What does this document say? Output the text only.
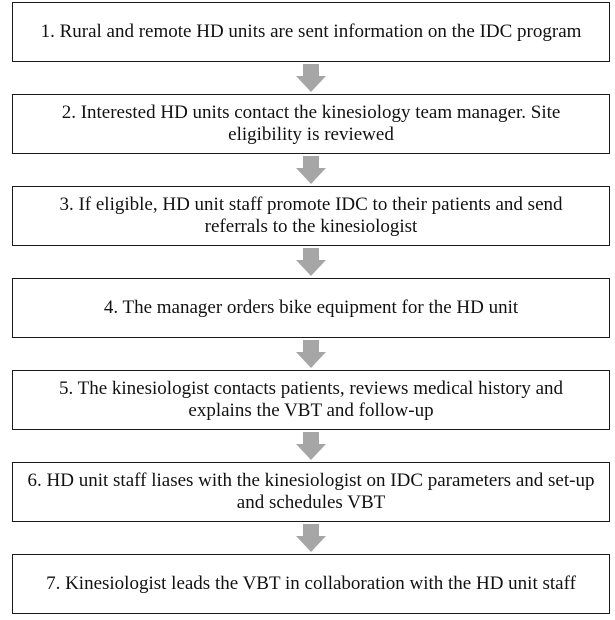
1. Rural and remote HD units are sent information on the IDC program
2. Interested HD units contact the kinesiology team manager. Site eligibility is reviewed
3. If eligible, HD unit staff promote IDC to their patients and send referrals to the kinesiologist
4. The manager orders bike equipment for the HD unit
5. The kinesiologist contacts patients, reviews medical history and explains the VBT and follow-up
6. HD unit staff liases with the kinesiologist on IDC parameters and set-up and schedules VBT
7. Kinesiologist leads the VBT in collaboration with the HD unit staff
